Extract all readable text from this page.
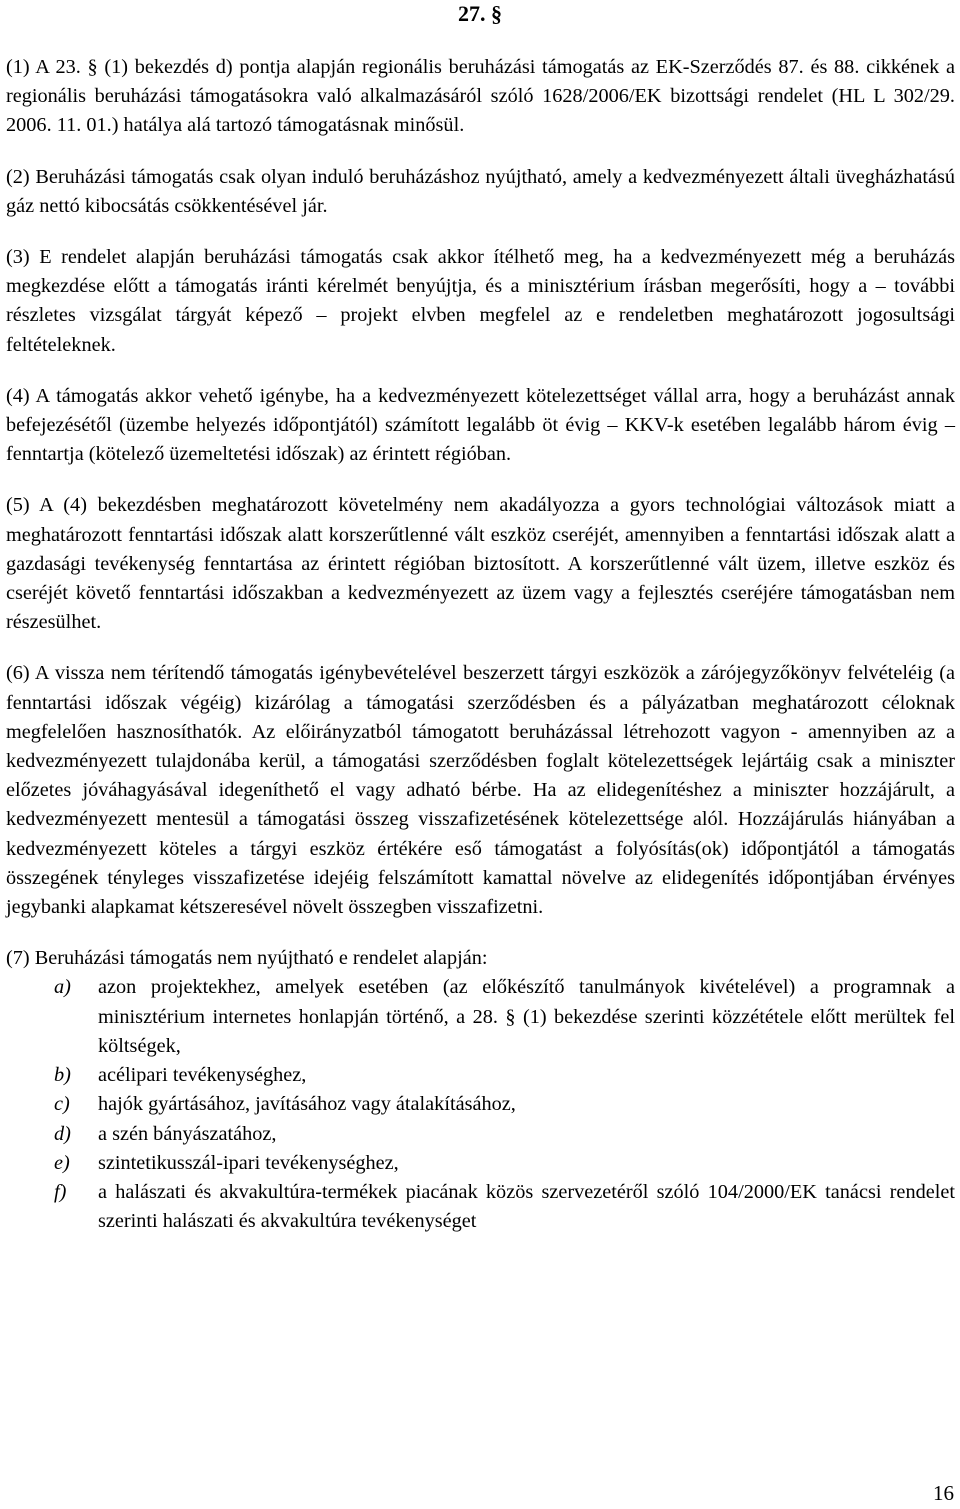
27. §

(1) A 23. § (1) bekezdés d) pontja alapján regionális beruházási támogatás az EK-Szerződés 87. és 88. cikkének a regionális beruházási támogatásokra való alkalmazásáról szóló 1628/2006/EK bizottsági rendelet (HL L 302/29. 2006. 11. 01.) hatálya alá tartozó támogatásnak minősül.

(2) Beruházási támogatás csak olyan induló beruházáshoz nyújtható, amely a kedvezményezett általi üvegházhatású gáz nettó kibocsátás csökkentésével jár.

(3) E rendelet alapján beruházási támogatás csak akkor ítélhető meg, ha a kedvezményezett még a beruházás megkezdése előtt a támogatás iránti kérelmét benyújtja, és a minisztérium írásban megerősíti, hogy a – további részletes vizsgálat tárgyát képező – projekt elvben megfelel az e rendeletben meghatározott jogosultsági feltételeknek.

(4) A támogatás akkor vehető igénybe, ha a kedvezményezett kötelezettséget vállal arra, hogy a beruházást annak befejezésétől (üzembe helyezés időpontjától) számított legalább öt évig – KKV-k esetében legalább három évig – fenntartja (kötelező üzemeltetési időszak) az érintett régióban.

(5) A (4) bekezdésben meghatározott követelmény nem akadályozza a gyors technológiai változások miatt a meghatározott fenntartási időszak alatt korszerűtlenné vált eszköz cseréjét, amennyiben a fenntartási időszak alatt a gazdasági tevékenység fenntartása az érintett régióban biztosított. A korszerűtlenné vált üzem, illetve eszköz és cseréjét követő fenntartási időszakban a kedvezményezett az üzem vagy a fejlesztés cseréjére támogatásban nem részesülhet.

(6) A vissza nem térítendő támogatás igénybevételével beszerzett tárgyi eszközök a zárójegyzőkönyv felvételéig (a fenntartási időszak végéig) kizárólag a támogatási szerződésben és a pályázatban meghatározott céloknak megfelelően hasznosíthatók. Az előirányzatból támogatott beruházással létrehozott vagyon - amennyiben az a kedvezményezett tulajdonába kerül, a támogatási szerződésben foglalt kötelezettségek lejártáig csak a miniszter előzetes jóváhagyásával idegeníthető el vagy adható bérbe. Ha az elidegenítéshez a miniszter hozzájárult, a kedvezményezett mentesül a támogatási összeg visszafizetésének kötelezettsége alól. Hozzájárulás hiányában a kedvezményezett köteles a tárgyi eszköz értékére eső támogatást a folyósítás(ok) időpontjától a támogatás összegének tényleges visszafizetése idejéig felszámított kamattal növelve az elidegenítés időpontjában érvényes jegybanki alapkamat kétszeresével növelt összegben visszafizetni.

(7) Beruházási támogatás nem nyújtható e rendelet alapján:

a) azon projektekhez, amelyek esetében (az előkészítő tanulmányok kivételével) a programnak a minisztérium internetes honlapján történő, a 28. § (1) bekezdése szerinti közzététele előtt merültek fel költségek,
b) acélipari tevékenységhez,
c) hajók gyártásához, javításához vagy átalakításához,
d) a szén bányászatához,
e) szintetikusszál-ipari tevékenységhez,
f) a halászati és akvakultúra-termékek piacának közös szervezetéről szóló 104/2000/EK tanácsi rendelet szerinti halászati és akvakultúra tevékenységet
16
